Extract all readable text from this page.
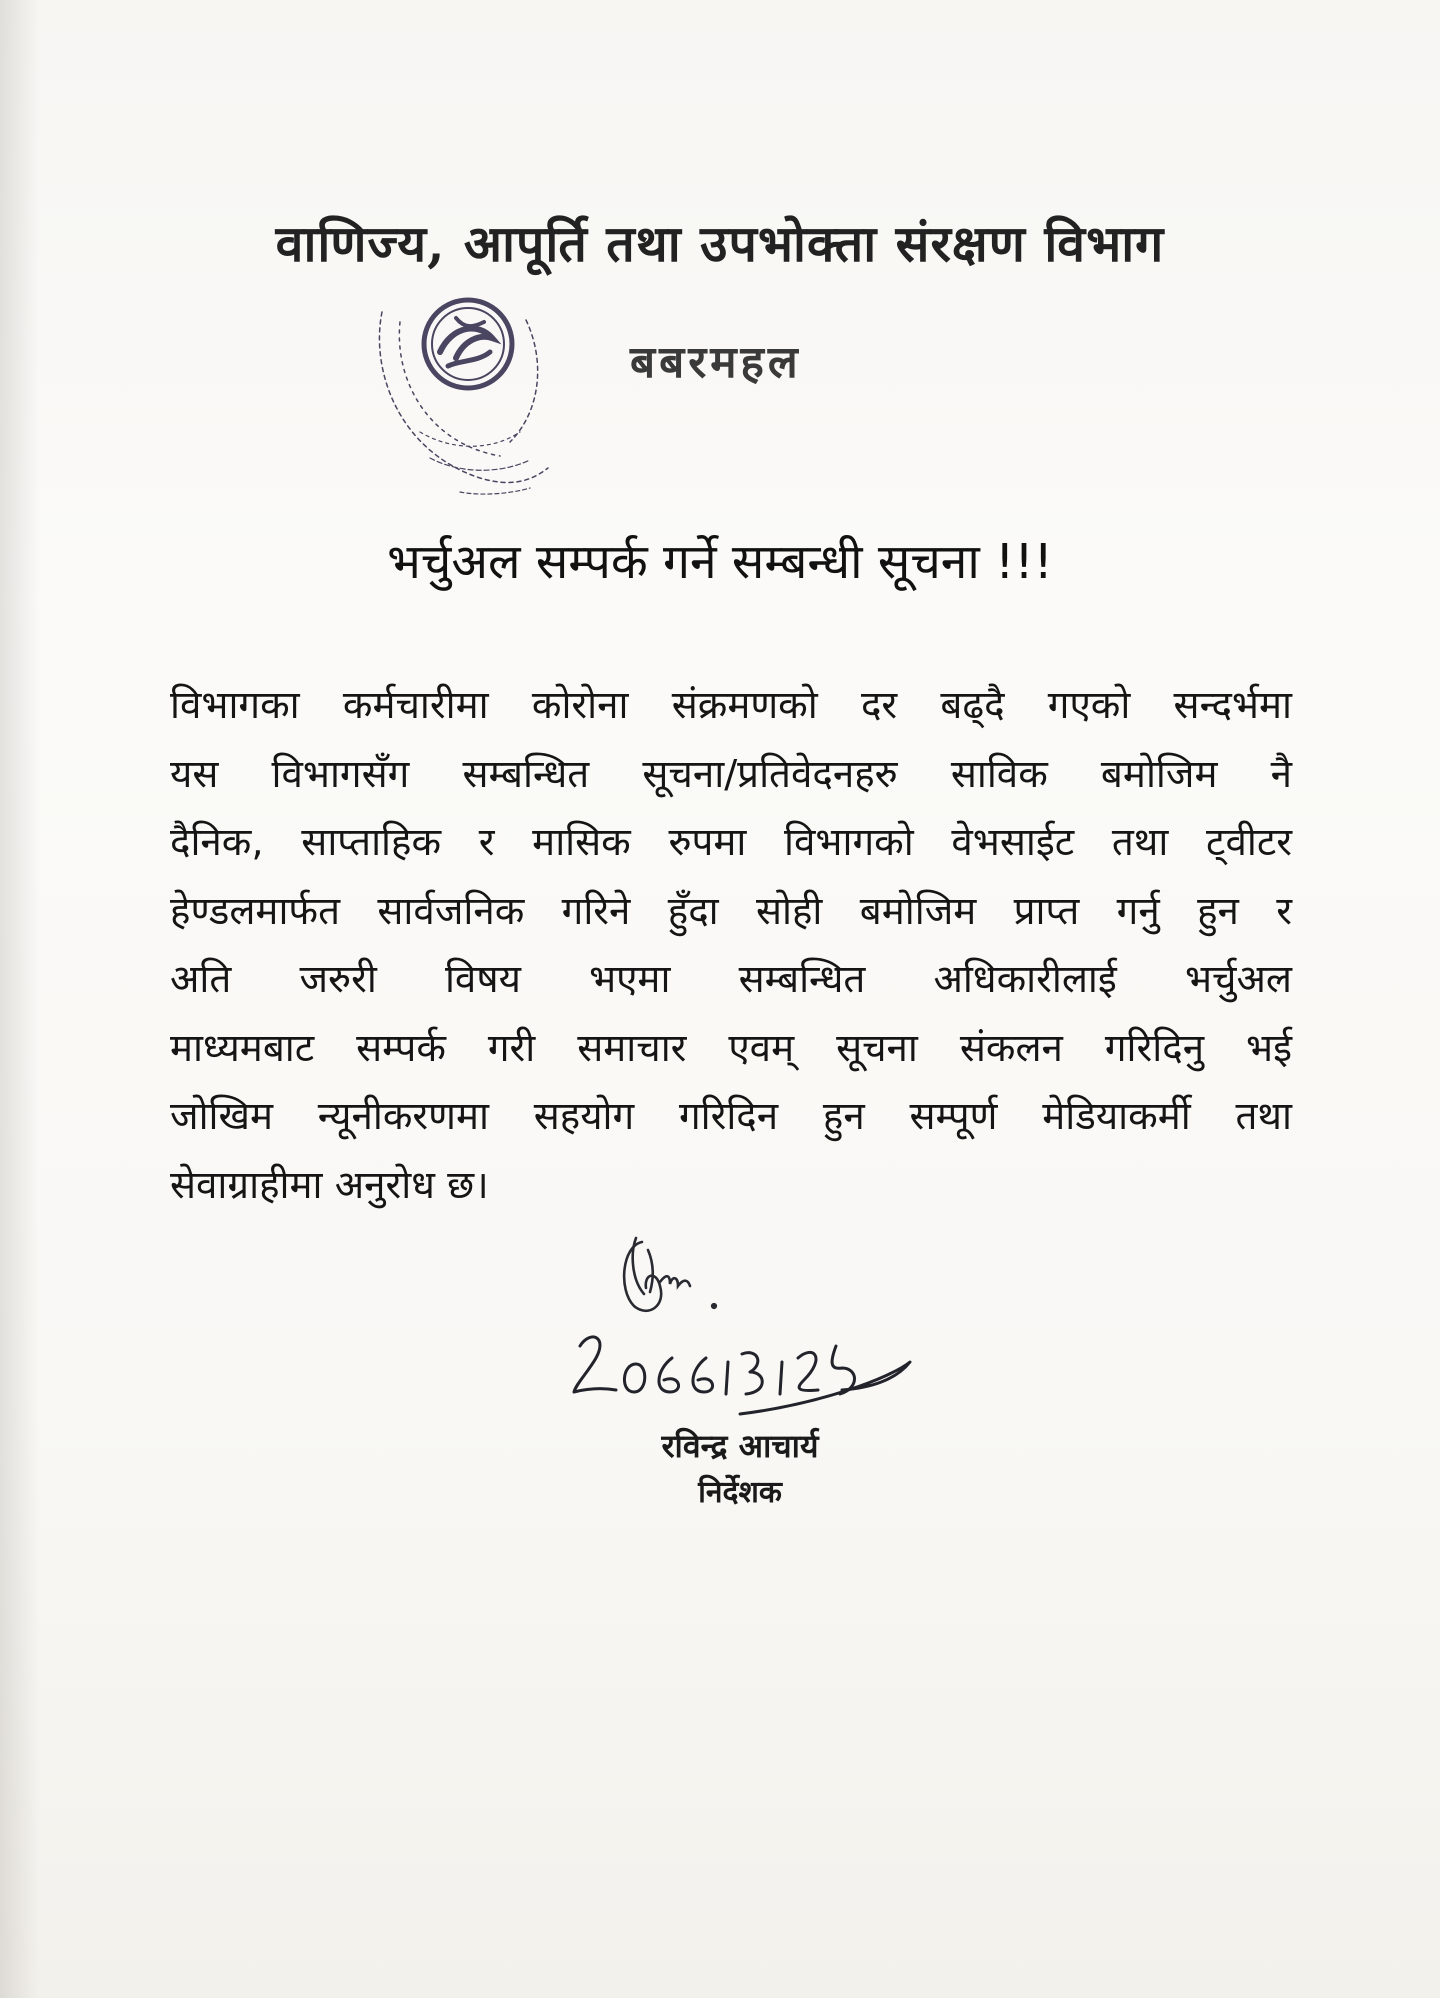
वाणिज्य, आपूर्ति तथा उपभोक्ता संरक्षण विभाग
बबरमहल
भर्चुअल सम्पर्क गर्ने सम्बन्धी सूचना !!!
विभागका कर्मचारीमा कोरोना संक्रमणको दर बढ्दै गएको सन्दर्भमा
यस विभागसँग सम्बन्धित सूचना/प्रतिवेदनहरु साविक बमोजिम नै
दैनिक, साप्ताहिक र मासिक रुपमा विभागको वेभसाईट तथा ट्वीटर
हेण्डलमार्फत सार्वजनिक गरिने हुँदा सोही बमोजिम प्राप्त गर्नु हुन र
अति जरुरी विषय भएमा सम्बन्धित अधिकारीलाई भर्चुअल
माध्यमबाट सम्पर्क गरी समाचार एवम् सूचना संकलन गरिदिनु भई
जोखिम न्यूनीकरणमा सहयोग गरिदिन हुन सम्पूर्ण मेडियाकर्मी तथा
सेवाग्राहीमा अनुरोध छ।
रविन्द्र आचार्य
निर्देशक
